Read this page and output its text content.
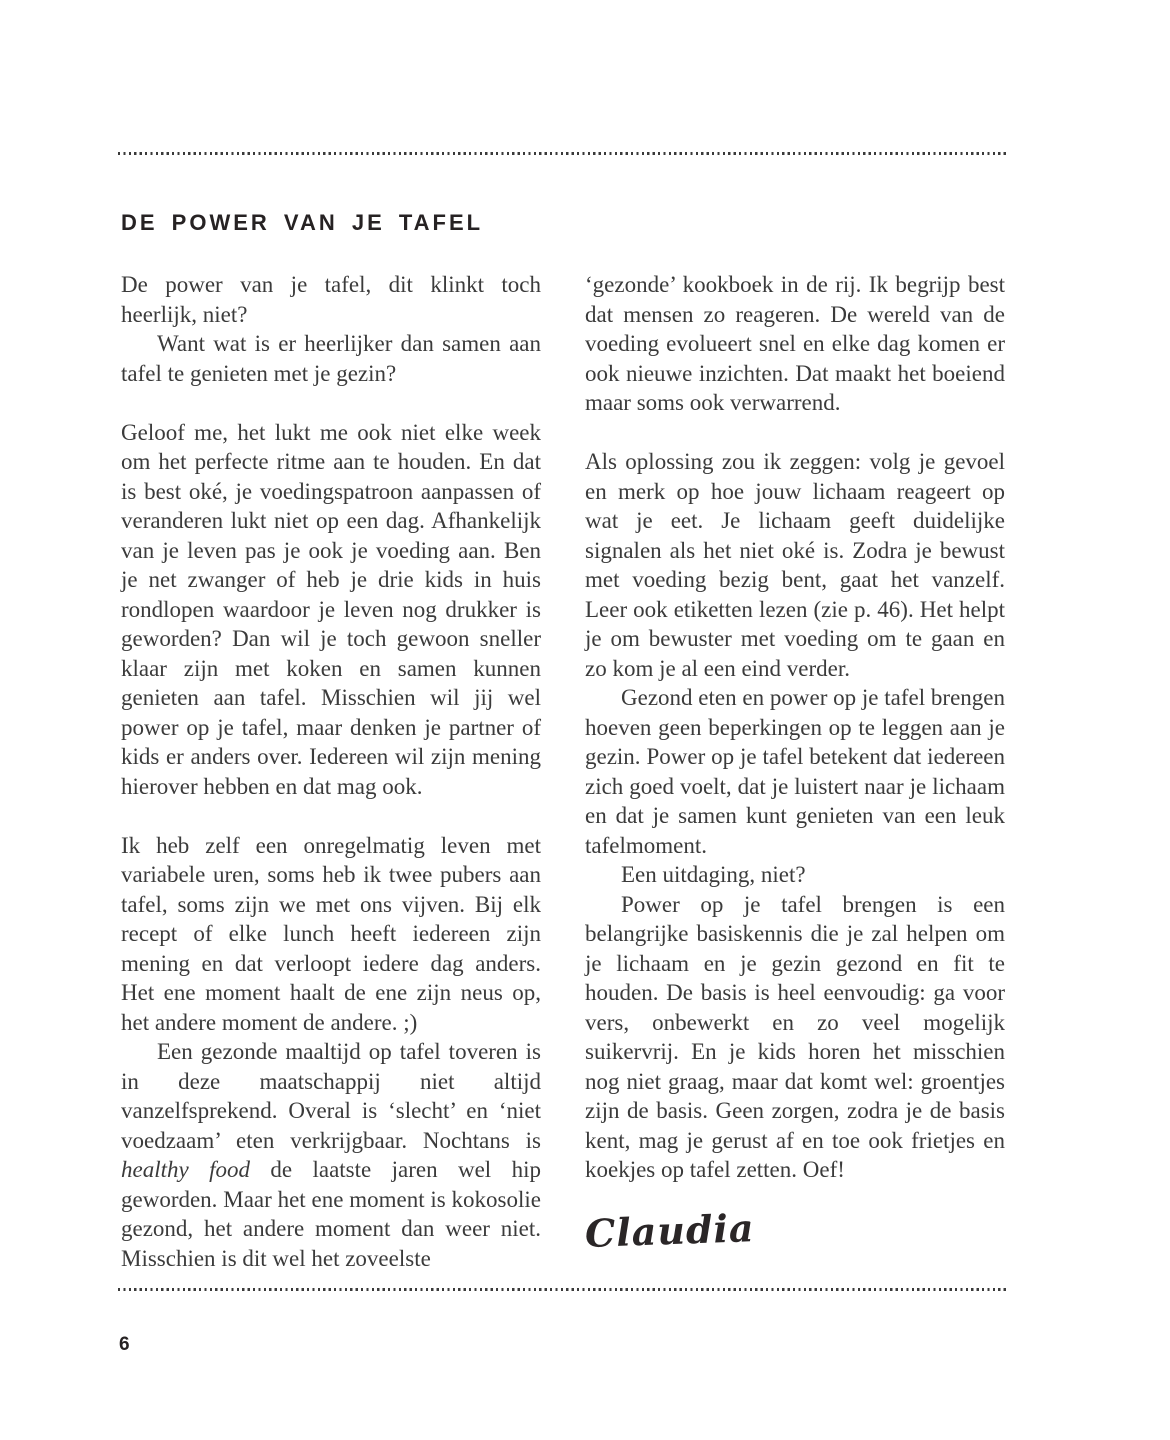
DE POWER VAN JE TAFEL

De power van je tafel, dit klinkt toch heerlijk, niet?

Want wat is er heerlijker dan samen aan tafel te genieten met je gezin?

Geloof me, het lukt me ook niet elke week om het perfecte ritme aan te houden. En dat is best oké, je voedingspatroon aanpassen of veranderen lukt niet op een dag. Afhankelijk van je leven pas je ook je voeding aan. Ben je net zwanger of heb je drie kids in huis rondlopen waardoor je leven nog drukker is geworden? Dan wil je toch gewoon sneller klaar zijn met koken en samen kunnen genieten aan tafel. Misschien wil jij wel power op je tafel, maar denken je partner of kids er anders over. Iedereen wil zijn mening hierover hebben en dat mag ook.

Ik heb zelf een onregelmatig leven met variabele uren, soms heb ik twee pubers aan tafel, soms zijn we met ons vijven. Bij elk recept of elke lunch heeft iedereen zijn mening en dat verloopt iedere dag anders. Het ene moment haalt de ene zijn neus op, het andere moment de andere. ;)

Een gezonde maaltijd op tafel toveren is in deze maatschappij niet altijd vanzelfsprekend. Overal is ‘slecht’ en ‘niet voedzaam’ eten verkrijgbaar. Nochtans is healthy food de laatste jaren wel hip geworden. Maar het ene moment is kokosolie gezond, het andere moment dan weer niet. Misschien is dit wel het zoveelste

‘gezonde’ kookboek in de rij. Ik begrijp best dat mensen zo reageren. De wereld van de voeding evolueert snel en elke dag komen er ook nieuwe inzichten. Dat maakt het boeiend maar soms ook verwarrend.

Als oplossing zou ik zeggen: volg je gevoel en merk op hoe jouw lichaam reageert op wat je eet. Je lichaam geeft duidelijke signalen als het niet oké is. Zodra je bewust met voeding bezig bent, gaat het vanzelf. Leer ook etiketten lezen (zie p. 46). Het helpt je om bewuster met voeding om te gaan en zo kom je al een eind verder.

Gezond eten en power op je tafel brengen hoeven geen beperkingen op te leggen aan je gezin. Power op je tafel betekent dat iedereen zich goed voelt, dat je luistert naar je lichaam en dat je samen kunt genieten van een leuk tafelmoment.

Een uitdaging, niet?

Power op je tafel brengen is een belangrijke basiskennis die je zal helpen om je lichaam en je gezin gezond en fit te houden. De basis is heel eenvoudig: ga voor vers, onbewerkt en zo veel mogelijk suikervrij. En je kids horen het misschien nog niet graag, maar dat komt wel: groentjes zijn de basis. Geen zorgen, zodra je de basis kent, mag je gerust af en toe ook frietjes en koekjes op tafel zetten. Oef!

Claudia
6
